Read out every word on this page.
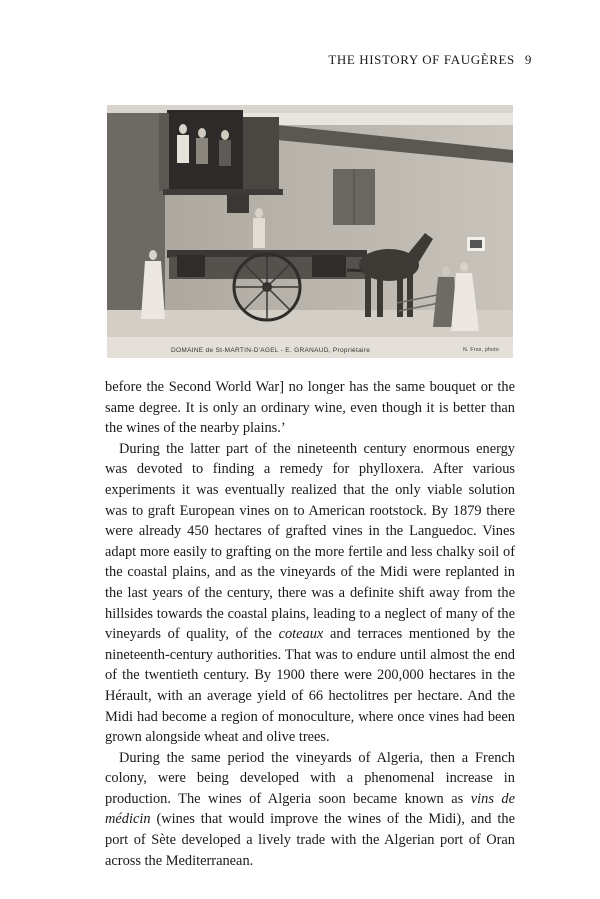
THE HISTORY OF FAUGÈRES 9
DOMAINE de St-MARTIN-D'AGEL - E. GRANAUD, Propriétaire	N. Fros, photo

before the Second World War] no longer has the same bouquet or the same degree. It is only an ordinary wine, even though it is better than the wines of the nearby plains.’

During the latter part of the nineteenth century enormous energy was devoted to finding a remedy for phylloxera. After various experiments it was eventually realized that the only viable solution was to graft European vines on to American rootstock. By 1879 there were already 450 hectares of grafted vines in the Languedoc. Vines adapt more easily to grafting on the more fertile and less chalky soil of the coastal plains, and as the vineyards of the Midi were replanted in the last years of the century, there was a definite shift away from the hillsides towards the coastal plains, leading to a neglect of many of the vineyards of quality, of the coteaux and terraces mentioned by the nineteenth-century authorities. That was to endure until almost the end of the twentieth century. By 1900 there were 200,000 hectares in the Hérault, with an average yield of 66 hectolitres per hectare. And the Midi had become a region of monoculture, where once vines had been grown alongside wheat and olive trees.

During the same period the vineyards of Algeria, then a French colony, were being developed with a phenomenal increase in production. The wines of Algeria soon became known as vins de médicin (wines that would improve the wines of the Midi), and the port of Sète developed a lively trade with the Algerian port of Oran across the Mediterranean.
